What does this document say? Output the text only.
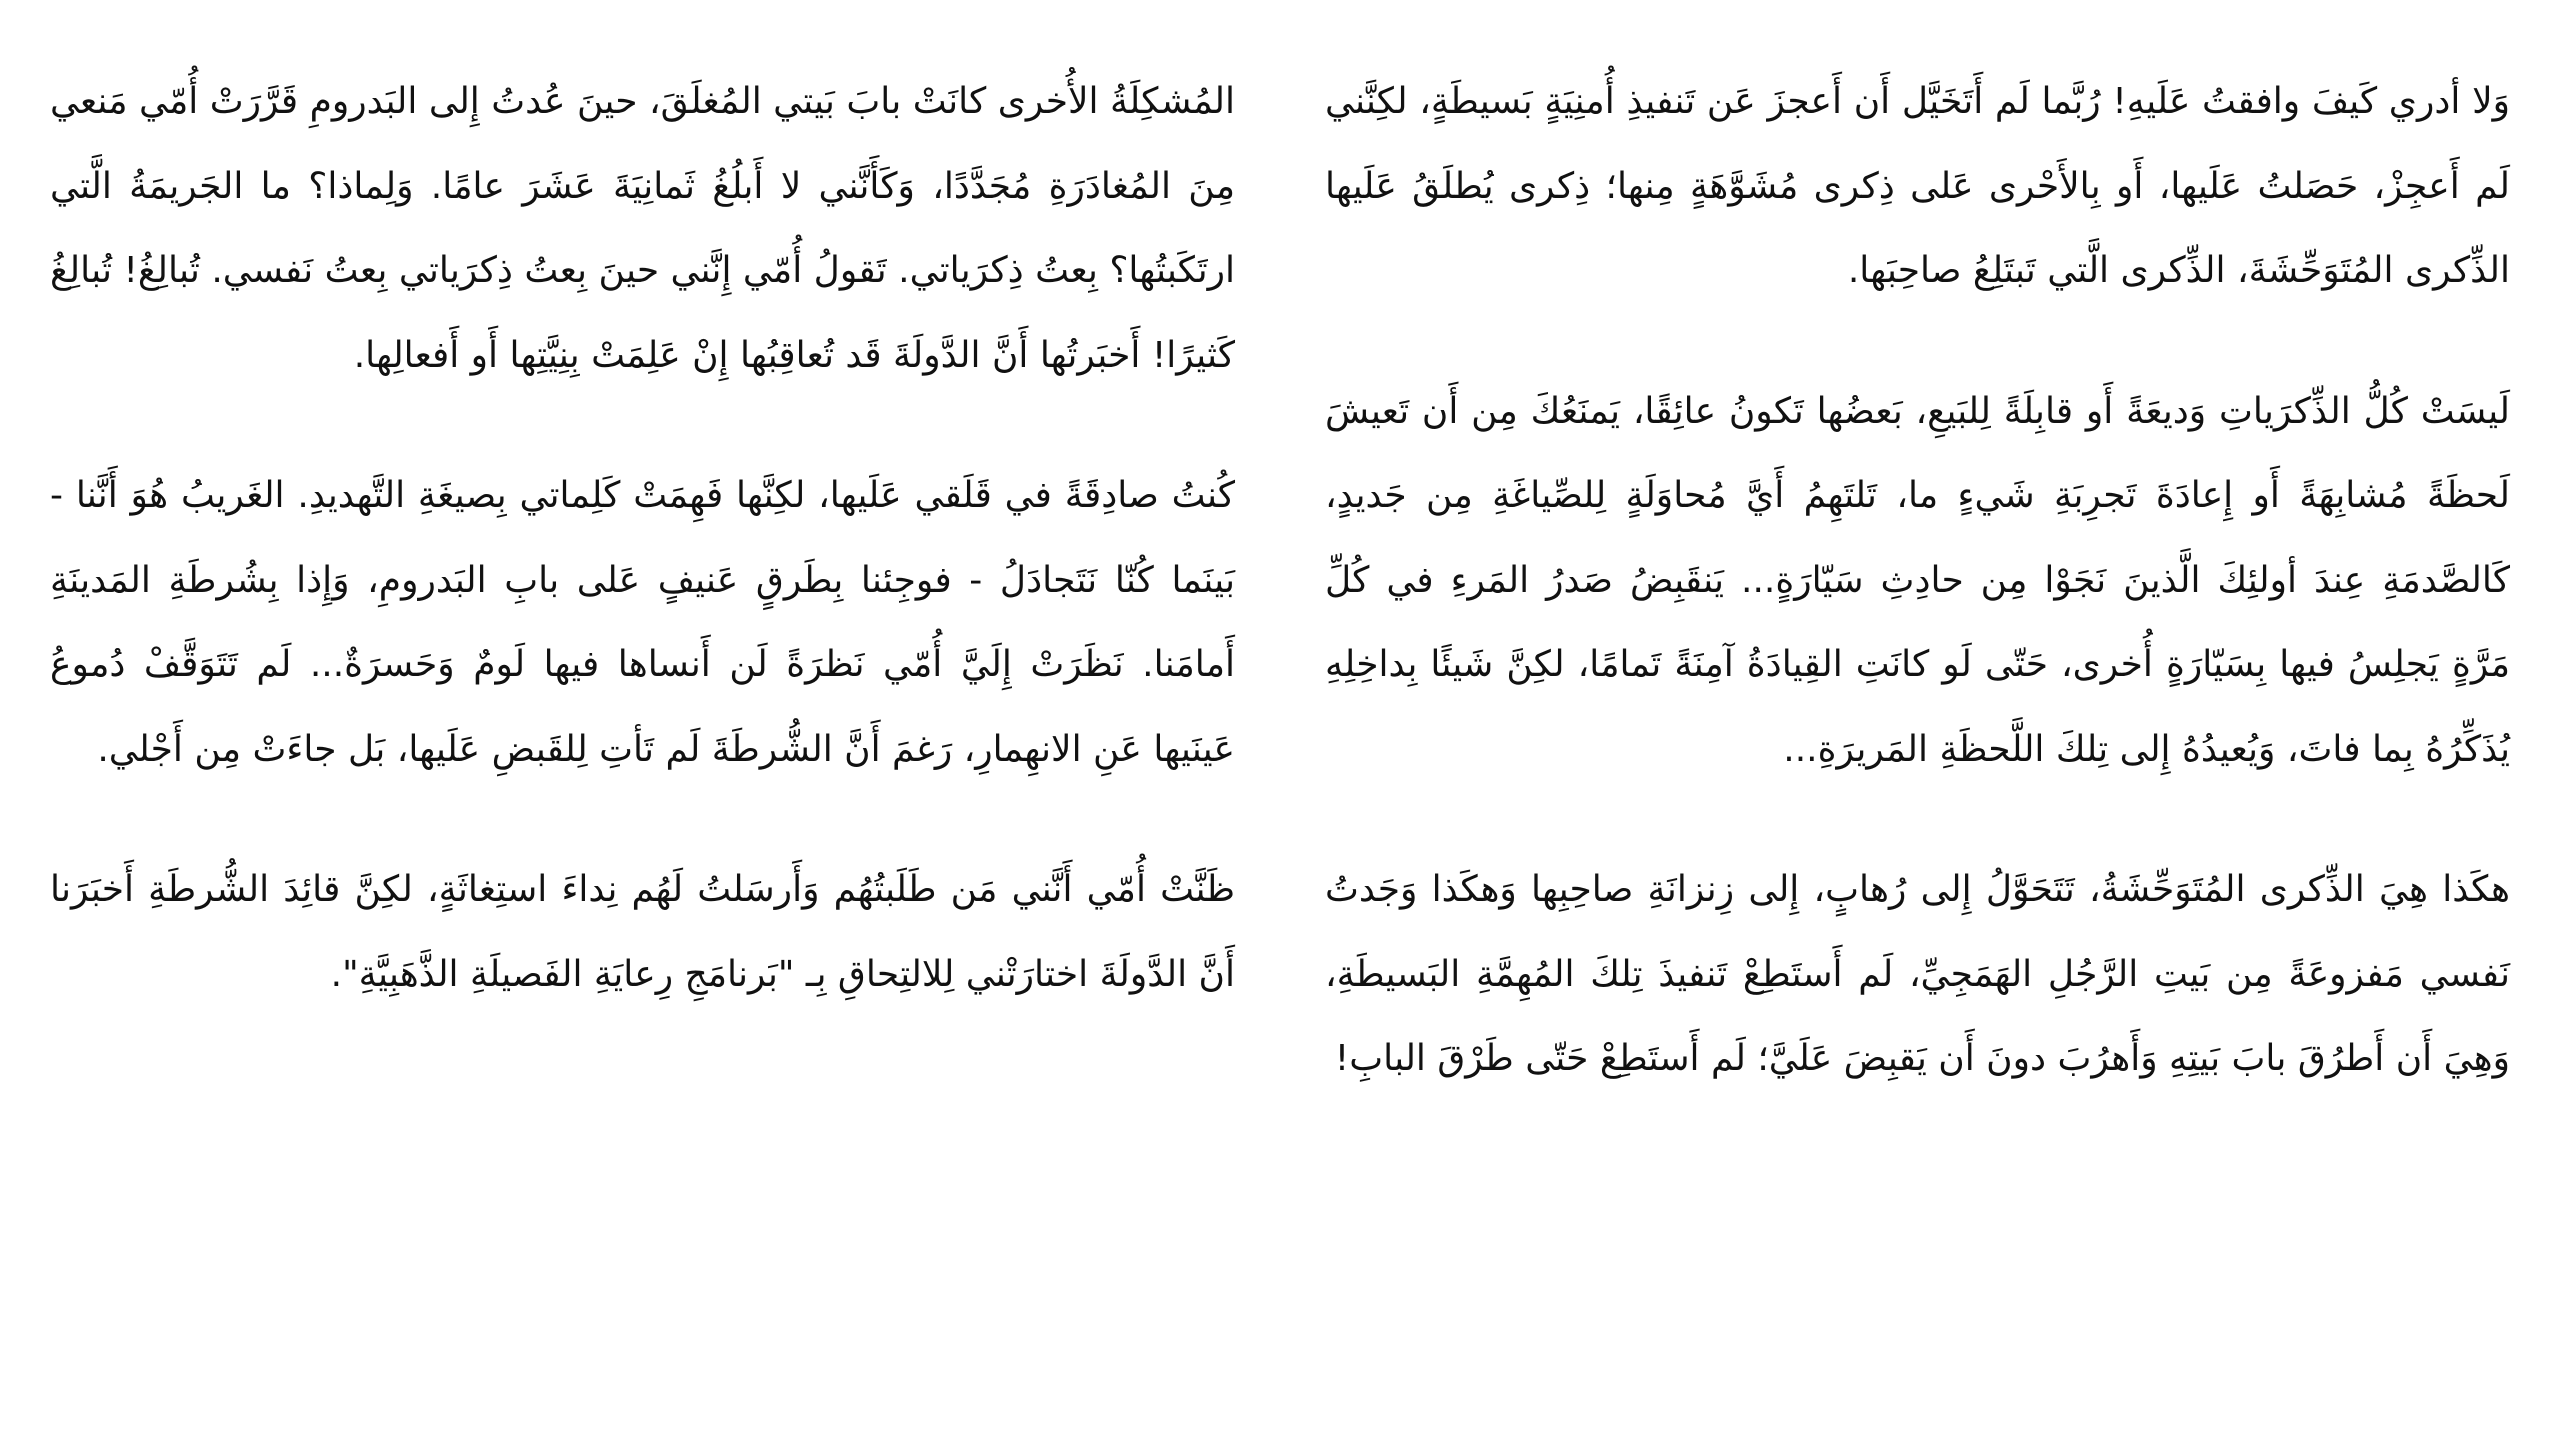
وَلا أدري كَيفَ وافقتُ عَلَيهِ! رُبَّما لَم أَتَخَيَّل أَن أَعجزَ عَن تَنفيذِ أُمنِيَةٍ بَسيطَةٍ، لكِنَّني لَم أَعجِزْ، حَصَلتُ عَلَيها، أَو بِالأَحْرى عَلى ذِكرى مُشَوَّهَةٍ مِنها؛ ذِكرى يُطلَقُ عَلَيها الذِّكرى المُتَوَحِّشَةَ، الذِّكرى الَّتي تَبتَلِعُ صاحِبَها.

لَيسَتْ كُلُّ الذِّكرَياتِ وَديعَةً أَو قابِلَةً لِلبَيعِ، بَعضُها تَكونُ عائِقًا، يَمنَعُكَ مِن أَن تَعيشَ لَحظَةً مُشابِهَةً أَو إِعادَةَ تَجرِبَةِ شَيءٍ ما، تَلتَهِمُ أَيَّ مُحاوَلَةٍ لِلصِّياغَةِ مِن جَديدٍ، كَالصَّدمَةِ عِندَ أولئِكَ الَّذينَ نَجَوْا مِن حادِثِ سَيّارَةٍ... يَنقَبِضُ صَدرُ المَرءِ في كُلِّ مَرَّةٍ يَجلِسُ فيها بِسَيّارَةٍ أُخرى، حَتّى لَو كانَتِ القِيادَةُ آمِنَةً تَمامًا، لكِنَّ شَيئًا بِداخِلِهِ يُذَكِّرُهُ بِما فاتَ، وَيُعيدُهُ إِلى تِلكَ اللَّحظَةِ المَريرَةِ...

هكَذا هِيَ الذِّكرى المُتَوَحِّشَةُ، تَتَحَوَّلُ إِلى رُهابٍ، إِلى زِنزانَةِ صاحِبِها وَهكَذا وَجَدتُ نَفسي مَفزوعَةً مِن بَيتِ الرَّجُلِ الهَمَجِيِّ، لَم أَستَطِعْ تَنفيذَ تِلكَ المُهِمَّةِ البَسيطَةِ، وَهِيَ أَن أَطرُقَ بابَ بَيتِهِ وَأَهرُبَ دونَ أَن يَقبِضَ عَلَيَّ؛ لَم أَستَطِعْ حَتّى طَرْقَ البابِ!

المُشكِلَةُ الأُخرى كانَتْ بابَ بَيتي المُغلَقَ، حينَ عُدتُ إِلى البَدرومِ قَرَّرَتْ أُمّي مَنعي مِنَ المُغادَرَةِ مُجَدَّدًا، وَكَأَنَّني لا أَبلُغُ ثَمانِيَةَ عَشَرَ عامًا. وَلِماذا؟ ما الجَريمَةُ الَّتي ارتَكَبتُها؟ بِعتُ ذِكرَياتي. تَقولُ أُمّي إِنَّني حينَ بِعتُ ذِكرَياتي بِعتُ نَفسي. تُبالِغُ! تُبالِغُ كَثيرًا! أَخبَرتُها أَنَّ الدَّولَةَ قَد تُعاقِبُها إِنْ عَلِمَتْ بِنِيَّتِها أَو أَفعالِها.

كُنتُ صادِقَةً في قَلَقي عَلَيها، لكِنَّها فَهِمَتْ كَلِماتي بِصيغَةِ التَّهديدِ. الغَريبُ هُوَ أَنَّنا - بَينَما كُنّا نَتَجادَلُ - فوجِئنا بِطَرقٍ عَنيفٍ عَلى بابِ البَدرومِ، وَإِذا بِشُرطَةِ المَدينَةِ أَمامَنا. نَظَرَتْ إِلَيَّ أُمّي نَظرَةً لَن أَنساها فيها لَومٌ وَحَسرَةٌ... لَم تَتَوَقَّفْ دُموعُ عَينَيها عَنِ الانهِمارِ، رَغمَ أَنَّ الشُّرطَةَ لَم تَأتِ لِلقَبضِ عَلَيها، بَل جاءَتْ مِن أَجْلي.

ظَنَّتْ أُمّي أَنَّني مَن طَلَبتُهُم وَأَرسَلتُ لَهُم نِداءَ استِغاثَةٍ، لكِنَّ قائِدَ الشُّرطَةِ أَخبَرَنا أَنَّ الدَّولَةَ اختارَتْني لِلالتِحاقِ بِـ "بَرنامَجِ رِعايَةِ الفَصيلَةِ الذَّهَبِيَّةِ".
